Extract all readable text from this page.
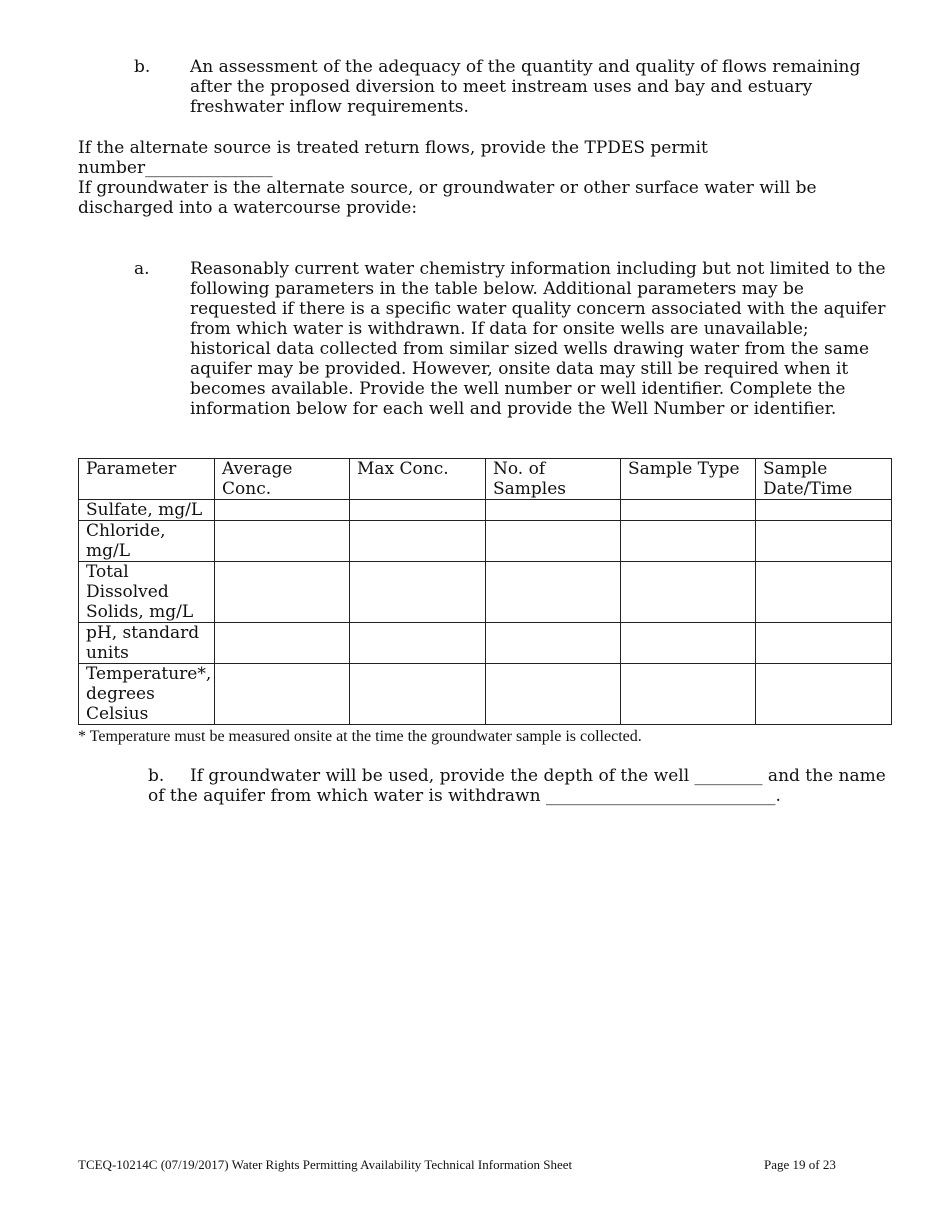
b.	An assessment of the adequacy of the quantity and quality of flows remaining after the proposed diversion to meet instream uses and bay and estuary freshwater inflow requirements.
If the alternate source is treated return flows, provide the TPDES permit number_______________
If groundwater is the alternate source, or groundwater or other surface water will be discharged into a watercourse provide:
a.	Reasonably current water chemistry information including but not limited to the following parameters in the table below. Additional parameters may be requested if there is a specific water quality concern associated with the aquifer from which water is withdrawn. If data for onsite wells are unavailable; historical data collected from similar sized wells drawing water from the same aquifer may be provided. However, onsite data may still be required when it becomes available. Provide the well number or well identifier. Complete the information below for each well and provide the Well Number or identifier.
Parameter	Average Conc.	Max Conc.	No. of Samples	Sample Type	Sample Date/Time
Sulfate, mg/L					
Chloride, mg/L					
Total Dissolved Solids, mg/L					
pH, standard units					
Temperature*, degrees Celsius					
* Temperature must be measured onsite at the time the groundwater sample is collected.
b. If groundwater will be used, provide the depth of the well ________ and the name of the aquifer from which water is withdrawn ___________________________.
TCEQ-10214C (07/19/2017) Water Rights Permitting Availability Technical Information Sheet	Page 19 of 23
